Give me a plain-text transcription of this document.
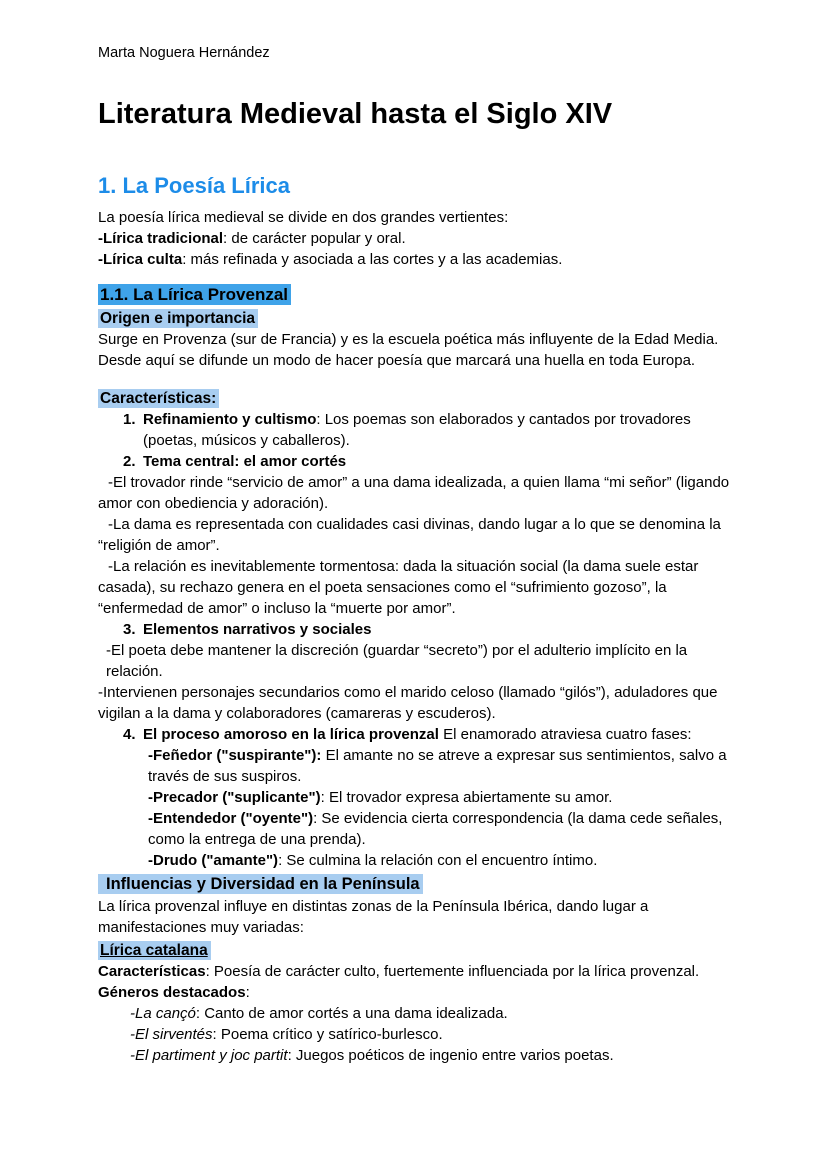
Marta Noguera Hernández
Literatura Medieval hasta el Siglo XIV
1. La Poesía Lírica

La poesía lírica medieval se divide en dos grandes vertientes:

-Lírica tradicional: de carácter popular y oral.

-Lírica culta: más refinada y asociada a las cortes y a las academias.

1.1. La Lírica Provenzal
Origen e importancia

Surge en Provenza (sur de Francia) y es la escuela poética más influyente de la Edad Media. Desde aquí se difunde un modo de hacer poesía que marcará una huella en toda Europa.

Características:
1. Refinamiento y cultismo: Los poemas son elaborados y cantados por trovadores (poetas, músicos y caballeros).
2. Tema central: el amor cortés

-El trovador rinde “servicio de amor” a una dama idealizada, a quien llama “mi señor” (ligando amor con obediencia y adoración).

-La dama es representada con cualidades casi divinas, dando lugar a lo que se denomina la “religión de amor”.

-La relación es inevitablemente tormentosa: dada la situación social (la dama suele estar casada), su rechazo genera en el poeta sensaciones como el “sufrimiento gozoso”, la “enfermedad de amor” o incluso la “muerte por amor”.

3. Elementos narrativos y sociales

-El poeta debe mantener la discreción (guardar “secreto”) por el adulterio implícito en la relación.

-Intervienen personajes secundarios como el marido celoso (llamado “gilós”), aduladores que vigilan a la dama y colaboradores (camareras y escuderos).

4. El proceso amoroso en la lírica provenzal El enamorado atraviesa cuatro fases:

-Feñedor ("suspirante"): El amante no se atreve a expresar sus sentimientos, salvo a través de sus suspiros.

-Precador ("suplicante"): El trovador expresa abiertamente su amor.

-Entendedor ("oyente"): Se evidencia cierta correspondencia (la dama cede señales, como la entrega de una prenda).

-Drudo ("amante"): Se culmina la relación con el encuentro íntimo.

Influencias y Diversidad en la Península

La lírica provenzal influye en distintas zonas de la Península Ibérica, dando lugar a manifestaciones muy variadas:

Lírica catalana

Características: Poesía de carácter culto, fuertemente influenciada por la lírica provenzal.

Géneros destacados:

-La cançó: Canto de amor cortés a una dama idealizada.

-El sirventés: Poema crítico y satírico-burlesco.

-El partiment y joc partit: Juegos poéticos de ingenio entre varios poetas.
